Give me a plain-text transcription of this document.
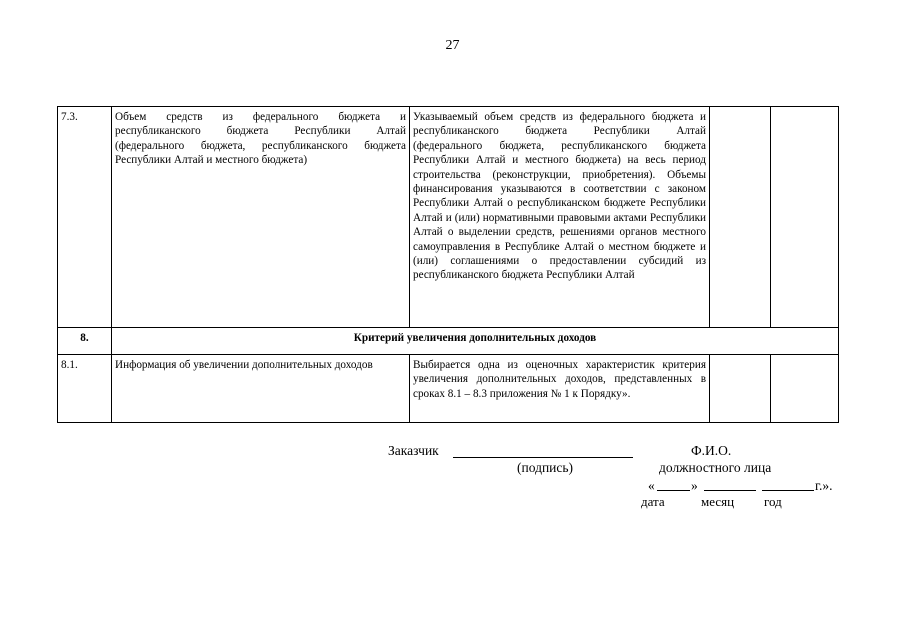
27
7.3.	Объем средств из федерального бюджета и республиканского бюджета Республики Алтай (федерального бюджета, республиканского бюджета Республики Алтай и местного бюджета)	Указываемый объем средств из федерального бюджета и республиканского бюджета Республики Алтай (федерального бюджета, республиканского бюджета Республики Алтай и местного бюджета) на весь период строительства (реконструкции, приобретения). Объемы финансирования указываются в соответствии с законом Республики Алтай о республиканском бюджете Республики Алтай и (или) нормативными правовыми актами Республики Алтай о выделении средств, решениями органов местного самоуправления в Республике Алтай о местном бюджете и (или) соглашениями о предоставлении субсидий из республиканского бюджета Республики Алтай		
8.	Критерий увеличения дополнительных доходов			
8.1.	Информация об увеличении дополнительных доходов	Выбирается одна из оценочных характеристик критерия увеличения дополнительных доходов, представленных в сроках 8.1 – 8.3 приложения № 1 к Порядку».		
Заказчик	Ф.И.О.
(подпись)	должностного лица
«	»	г.».
дата	месяц год
